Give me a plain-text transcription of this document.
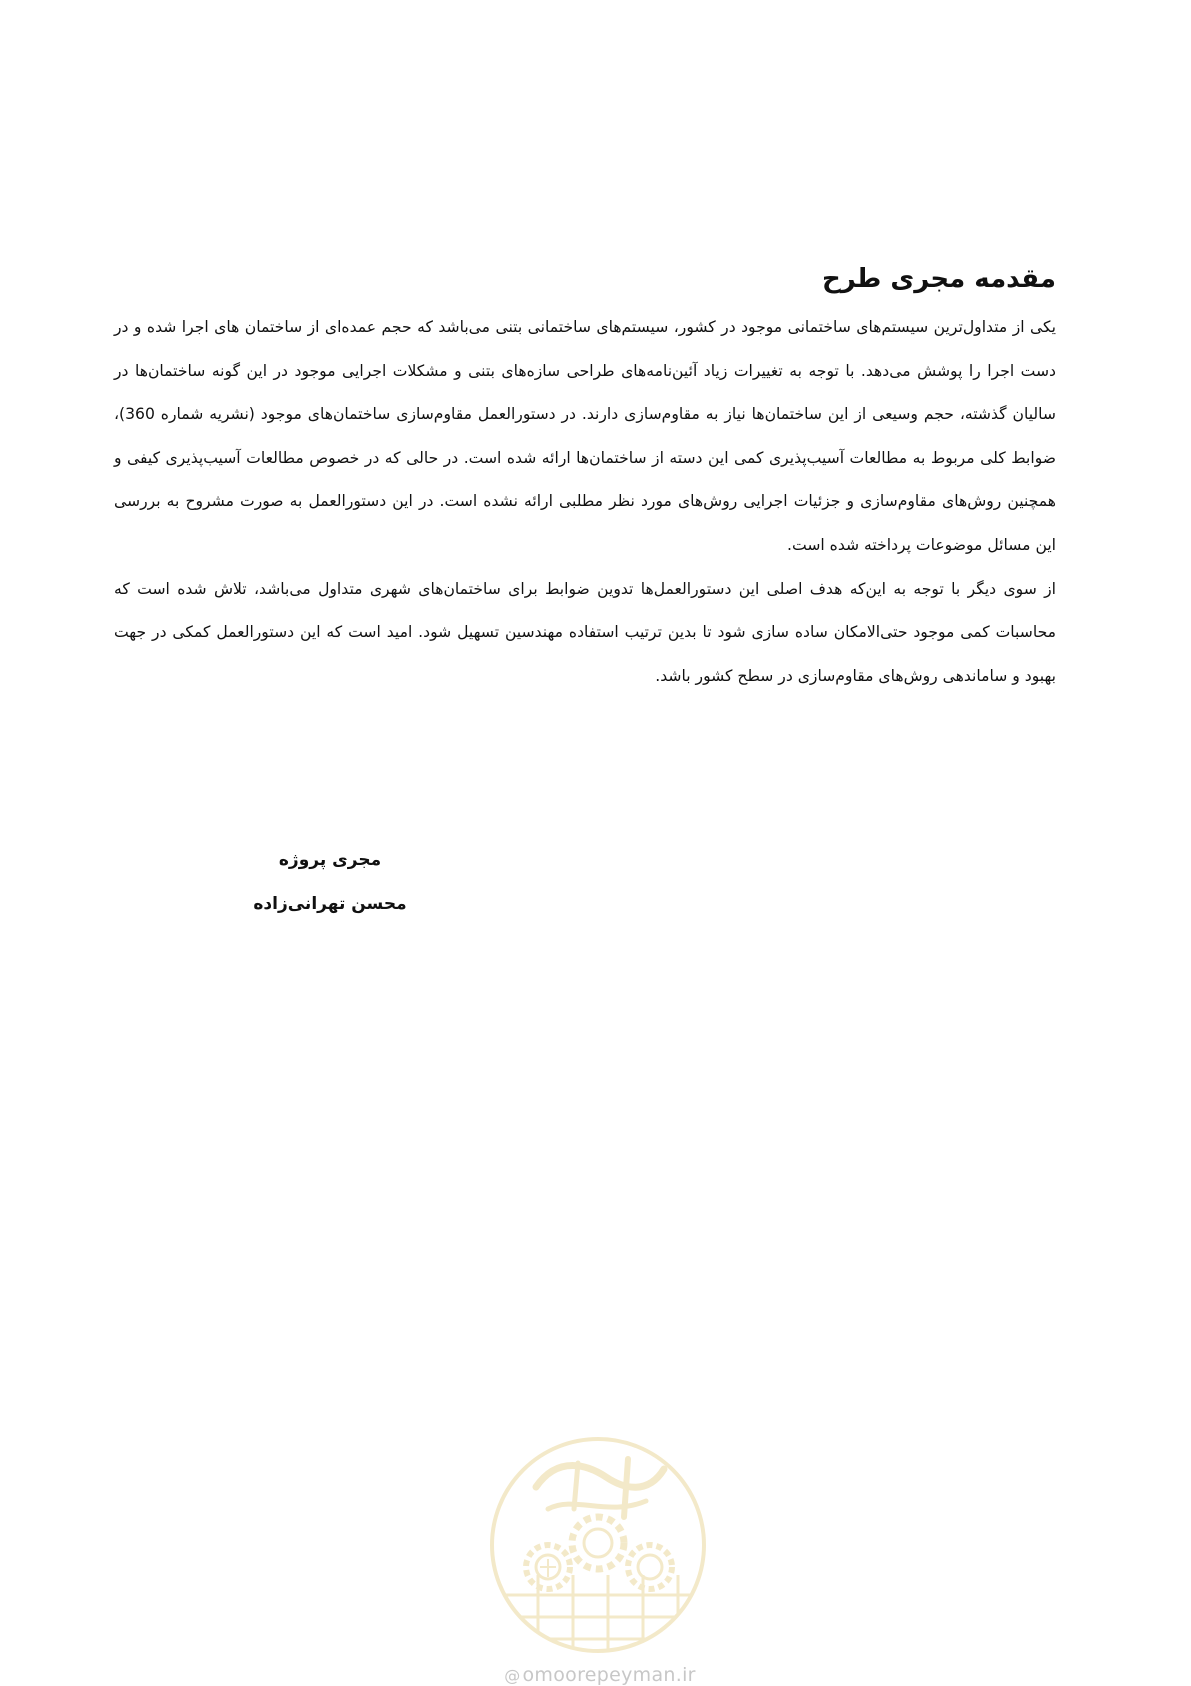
مقدمه مجری طرح

یکی از متداول‌ترین سیستم‌های ساختمانی موجود در کشور، سیستم‌های ساختمانی بتنی می‌باشد که حجم عمده‌ای از ساختمان های اجرا شده و در دست اجرا را پوشش می‌دهد. با توجه به تغییرات زیاد آئین‌نامه‌های طراحی سازه‌های بتنی و مشکلات اجرایی موجود در این گونه ساختمان‌ها در سالیان گذشته، حجم وسیعی از این ساختمان‌ها نیاز به مقاوم‌سازی دارند. در دستورالعمل مقاوم‌سازی ساختمان‌های موجود (نشریه شماره 360)، ضوابط کلی مربوط به مطالعات آسیب‌پذیری کمی این دسته از ساختمان‌ها ارائه شده است. در حالی که در خصوص مطالعات آسیب‌پذیری کیفی و همچنین روش‌های مقاوم‌سازی و جزئیات اجرایی روش‌های مورد نظر مطلبی ارائه نشده است. در این دستورالعمل به صورت مشروح به بررسی این مسائل موضوعات پرداخته شده است.

از سوی دیگر با توجه به این‌که هدف اصلی این دستورالعمل‌ها تدوین ضوابط برای ساختمان‌های شهری متداول می‌باشد، تلاش شده است که محاسبات کمی موجود حتی‌الامکان ساده سازی شود تا بدین ترتیب استفاده مهندسین تسهیل شود. امید است که این دستورالعمل کمکی در جهت بهبود و ساماندهی روش‌های مقاوم‌سازی در سطح کشور باشد.

مجری پروژه
محسن تهرانی‌زاده
@ omoorepeyman.ir
